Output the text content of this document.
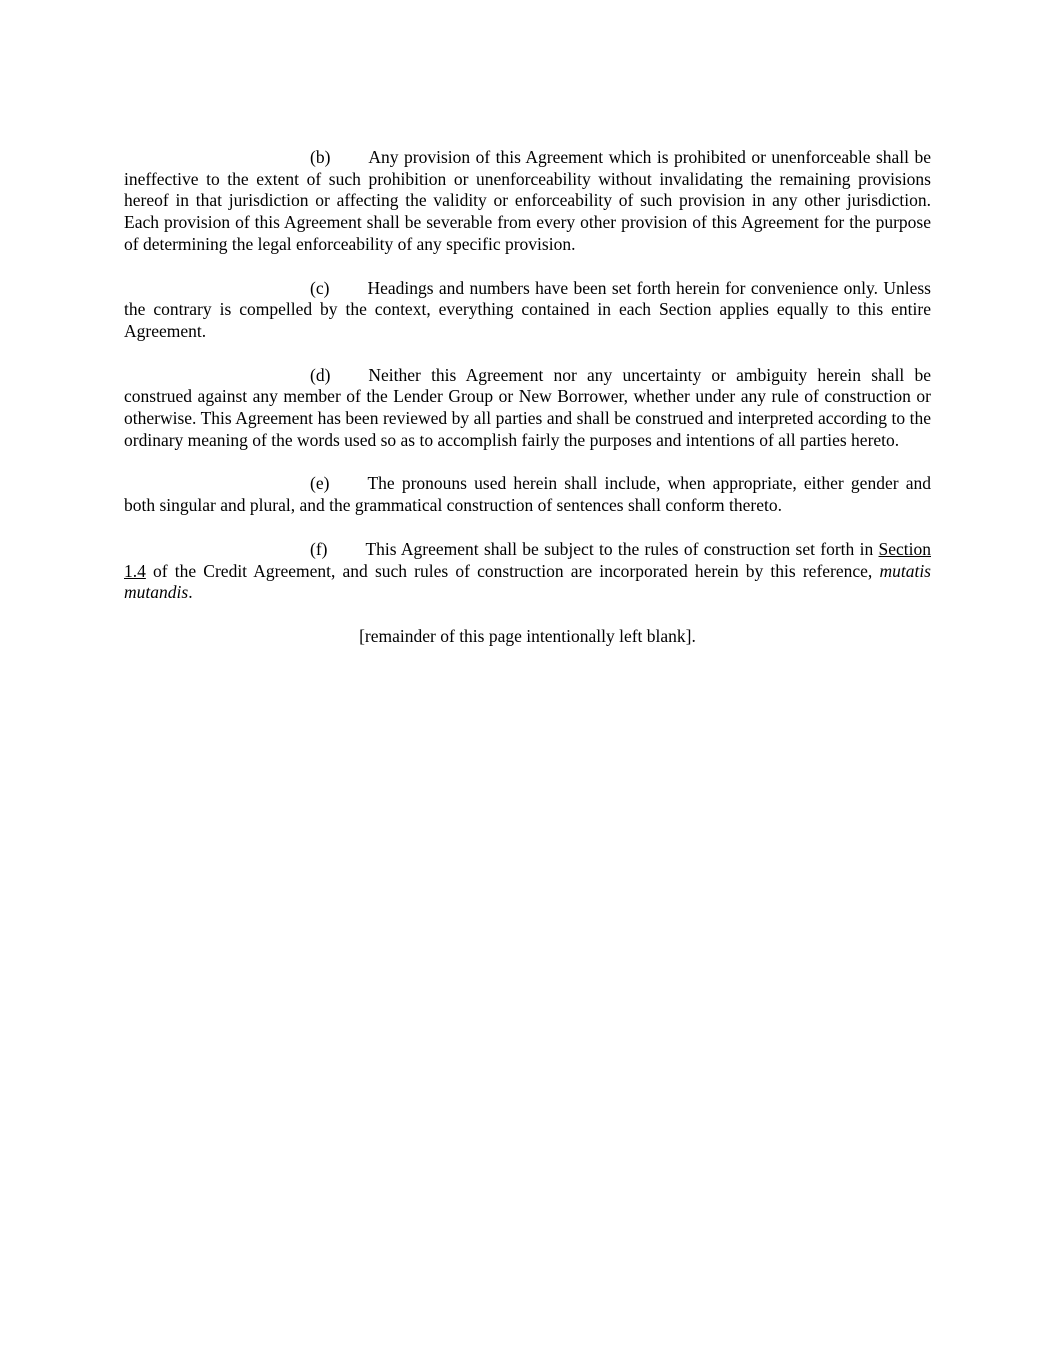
(b) Any provision of this Agreement which is prohibited or unenforceable shall be ineffective to the extent of such prohibition or unenforceability without invalidating the remaining provisions hereof in that jurisdiction or affecting the validity or enforceability of such provision in any other jurisdiction. Each provision of this Agreement shall be severable from every other provision of this Agreement for the purpose of determining the legal enforceability of any specific provision.

(c) Headings and numbers have been set forth herein for convenience only. Unless the contrary is compelled by the context, everything contained in each Section applies equally to this entire Agreement.

(d) Neither this Agreement nor any uncertainty or ambiguity herein shall be construed against any member of the Lender Group or New Borrower, whether under any rule of construction or otherwise. This Agreement has been reviewed by all parties and shall be construed and interpreted according to the ordinary meaning of the words used so as to accomplish fairly the purposes and intentions of all parties hereto.

(e) The pronouns used herein shall include, when appropriate, either gender and both singular and plural, and the grammatical construction of sentences shall conform thereto.

(f) This Agreement shall be subject to the rules of construction set forth in Section 1.4 of the Credit Agreement, and such rules of construction are incorporated herein by this reference, mutatis mutandis.

[remainder of this page intentionally left blank].
